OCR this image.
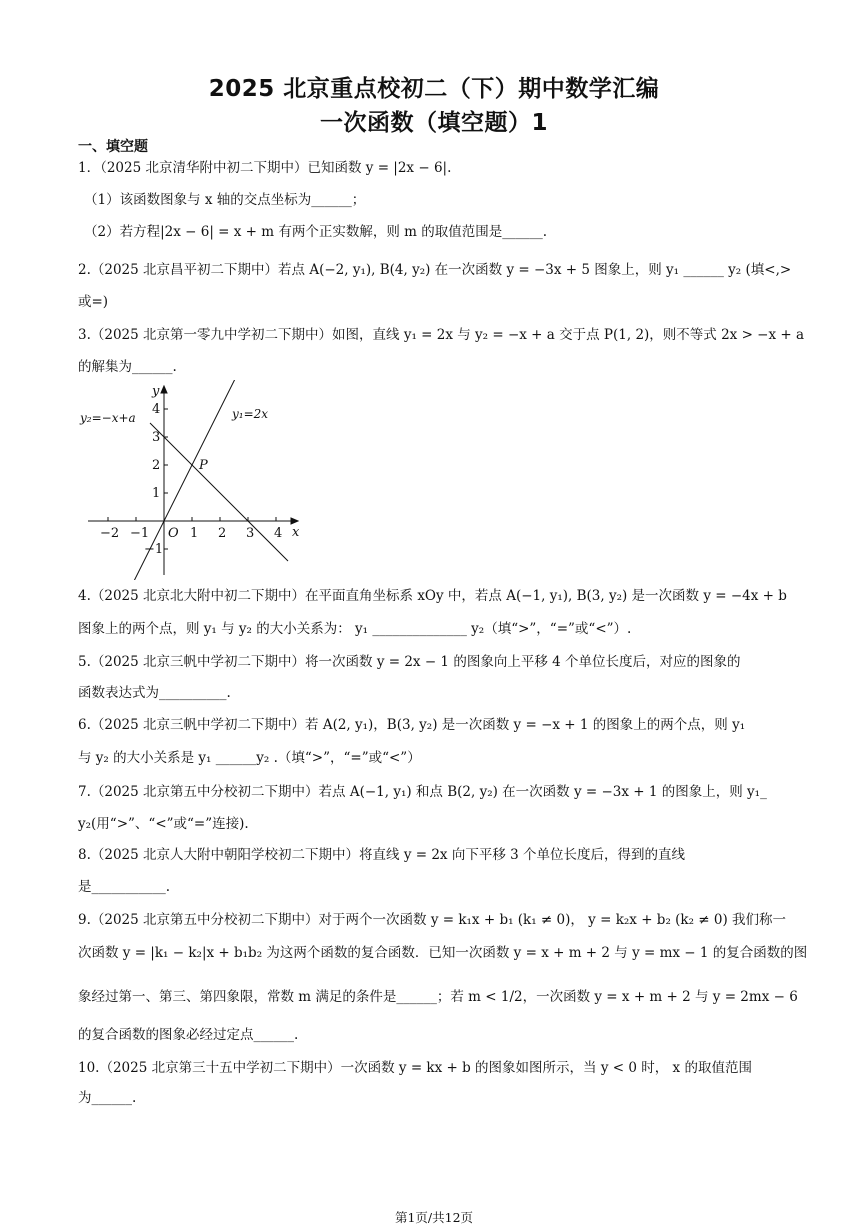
2025 北京重点校初二（下）期中数学汇编
一次函数（填空题）1
一、填空题
1．（2025 北京清华附中初二下期中）已知函数 y = |2x − 6|.
（1）该函数图象与 x 轴的交点坐标为______；
（2）若方程|2x − 6| = x + m 有两个正实数解，则 m 的取值范围是______.
2.（2025 北京昌平初二下期中）若点 A(−2, y₁), B(4, y₂) 在一次函数 y = −3x + 5 图象上，则 y₁ ______ y₂ (填<,>
或=)
3.（2025 北京第一零九中学初二下期中）如图，直线 y₁ = 2x 与 y₂ = −x + a 交于点 P(1, 2)，则不等式 2x > −x + a
的解集为______.
y
x
O
P
y₂=−x+a	y₁=2x
−2 −1	1 2 3 4
4
3
2
1
−1
4.（2025 北京北大附中初二下期中）在平面直角坐标系 xOy 中，若点 A(−1, y₁), B(3, y₂) 是一次函数 y = −4x + b
图象上的两个点，则 y₁ 与 y₂ 的大小关系为： y₁ ______________ y₂（填“>”，“=”或“<”）.
5.（2025 北京三帆中学初二下期中）将一次函数 y = 2x − 1 的图象向上平移 4 个单位长度后，对应的图象的
函数表达式为__________.
6.（2025 北京三帆中学初二下期中）若 A(2, y₁)，B(3, y₂) 是一次函数 y = −x + 1 的图象上的两个点，则 y₁
与 y₂ 的大小关系是 y₁ ______y₂ .（填“>”，“=”或“<”）
7.（2025 北京第五中分校初二下期中）若点 A(−1, y₁) 和点 B(2, y₂) 在一次函数 y = −3x + 1 的图象上，则 y₁_
y₂(用“>”、“<”或“=”连接).
8.（2025 北京人大附中朝阳学校初二下期中）将直线 y = 2x 向下平移 3 个单位长度后，得到的直线
是___________.
9.（2025 北京第五中分校初二下期中）对于两个一次函数 y = k₁x + b₁ (k₁ ≠ 0)， y = k₂x + b₂ (k₂ ≠ 0) 我们称一
次函数 y = |k₁ − k₂|x + b₁b₂ 为这两个函数的复合函数．已知一次函数 y = x + m + 2 与 y = mx − 1 的复合函数的图
象经过第一、第三、第四象限，常数 m 满足的条件是______；若 m < 1/2，一次函数 y = x + m + 2 与 y = 2mx − 6
的复合函数的图象必经过定点______.
10.（2025 北京第三十五中学初二下期中）一次函数 y = kx + b 的图象如图所示，当 y < 0 时， x 的取值范围
为______.
第1页/共12页
